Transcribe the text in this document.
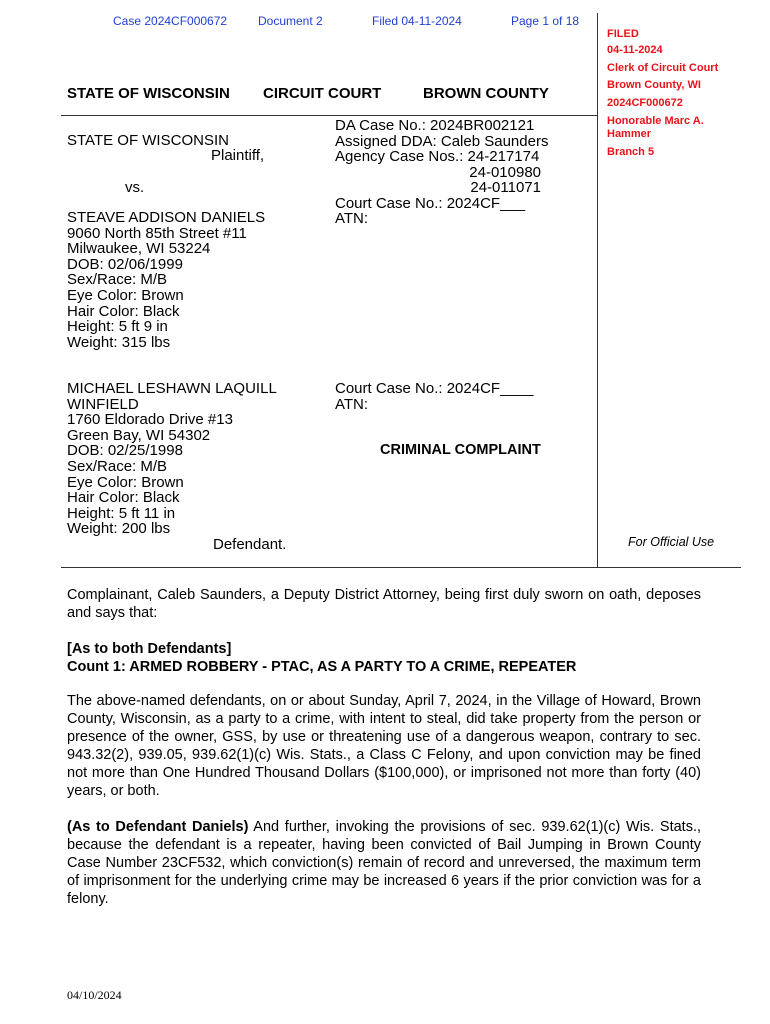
Case 2024CF000672	Document 2	Filed 04-11-2024	Page 1 of 18
FILED
04-11-2024
Clerk of Circuit Court
Brown County, WI
2024CF000672
Honorable Marc A.
Hammer
Branch 5
STATE OF WISCONSIN CIRCUIT COURT	BROWN COUNTY
STATE OF WISCONSIN
Plaintiff,
vs.
STEAVE ADDISON DANIELS
9060 North 85th Street #11
Milwaukee, WI 53224
DOB: 02/06/1999
Sex/Race: M/B
Eye Color: Brown
Hair Color: Black
Height: 5 ft 9 in
Weight: 315 lbs
MICHAEL LESHAWN LAQUILL
WINFIELD
1760 Eldorado Drive #13
Green Bay, WI 54302
DOB: 02/25/1998
Sex/Race: M/B
Eye Color: Brown
Hair Color: Black
Height: 5 ft 11 in
Weight: 200 lbs
Defendant.
DA Case No.: 2024BR002121
Assigned DDA: Caleb Saunders
Agency Case Nos.: 24-217174
24-010980
24-011071
Court Case No.: 2024CF___
ATN:
Court Case No.: 2024CF____
ATN:
CRIMINAL COMPLAINT
For Official Use
Complainant, Caleb Saunders, a Deputy District Attorney, being first duly sworn on oath, deposes and says that:
[As to both Defendants]
Count 1: ARMED ROBBERY - PTAC, AS A PARTY TO A CRIME, REPEATER
The above-named defendants, on or about Sunday, April 7, 2024, in the Village of Howard, Brown County, Wisconsin, as a party to a crime, with intent to steal, did take property from the person or presence of the owner, GSS, by use or threatening use of a dangerous weapon, contrary to sec. 943.32(2), 939.05, 939.62(1)(c) Wis. Stats., a Class C Felony, and upon conviction may be fined not more than One Hundred Thousand Dollars ($100,000), or imprisoned not more than forty (40) years, or both.
(As to Defendant Daniels) And further, invoking the provisions of sec. 939.62(1)(c) Wis. Stats., because the defendant is a repeater, having been convicted of Bail Jumping in Brown County Case Number 23CF532, which conviction(s) remain of record and unreversed, the maximum term of imprisonment for the underlying crime may be increased 6 years if the prior conviction was for a felony.
04/10/2024
